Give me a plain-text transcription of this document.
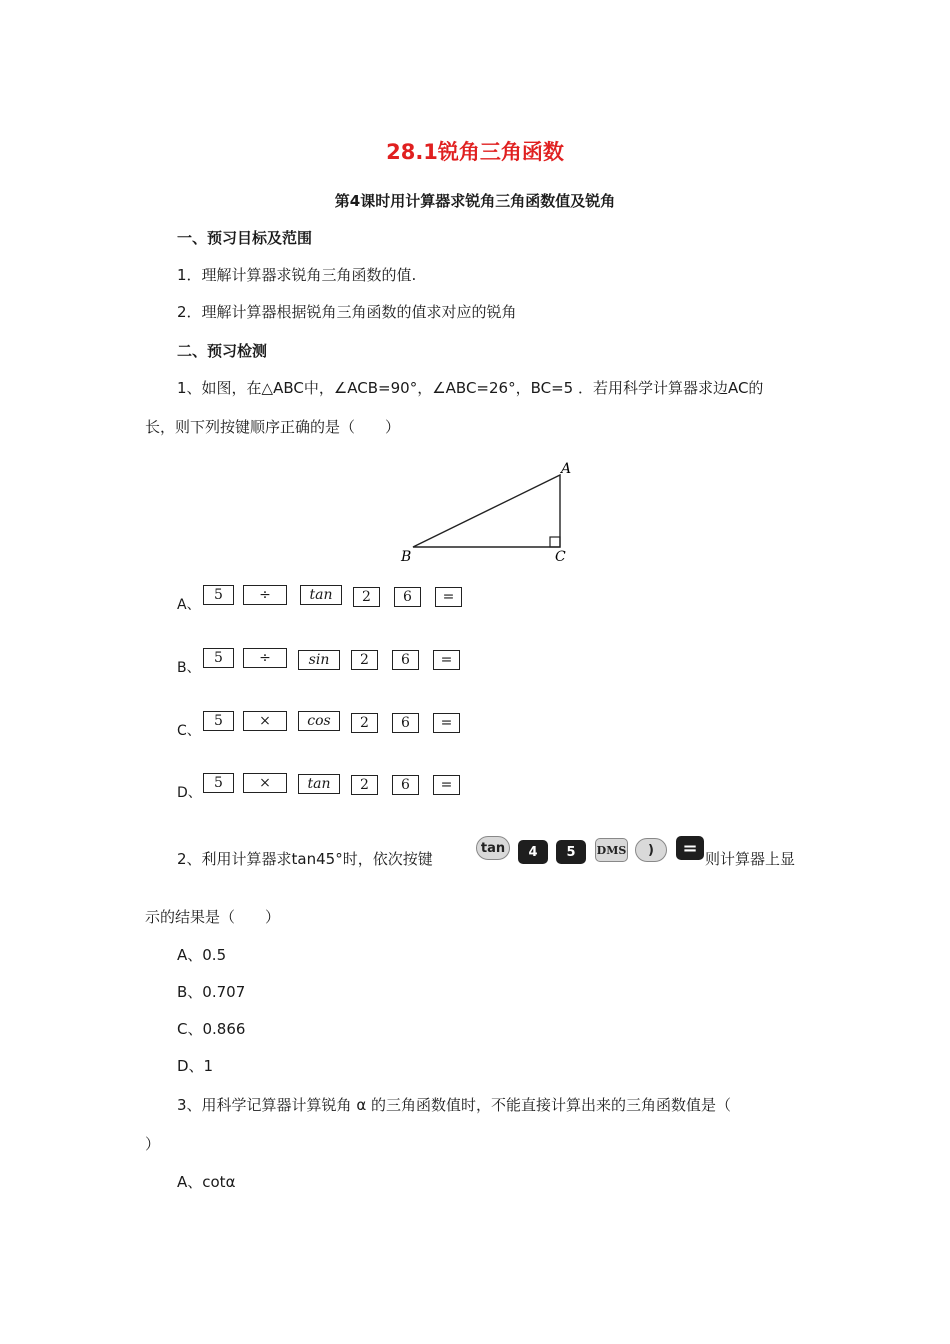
28.1锐角三角函数
第4课时用计算器求锐角三角函数值及锐角
一、预习目标及范围
1．理解计算器求锐角三角函数的值.
2．理解计算器根据锐角三角函数的值求对应的锐角
二、预习检测
1、如图，在△ABC中，∠ACB=90°，∠ABC=26°，BC=5 ．若用科学计算器求边AC的
长，则下列按键顺序正确的是（　　）
A
B	C
A、
5	÷	tan	2	6	=
B、
5	÷	sin	2	6	=
C、
5	×	cos	2	6	=
D、
5	×	tan	2	6	=
2、利用计算器求tan45°时，依次按键
tan	4	5	DMS	)	=
则计算器上显
示的结果是（　　）
A、0.5
B、0.707
C、0.866
D、1
3、用科学记算器计算锐角 α 的三角函数值时，不能直接计算出来的三角函数值是（
）
A、cotα
